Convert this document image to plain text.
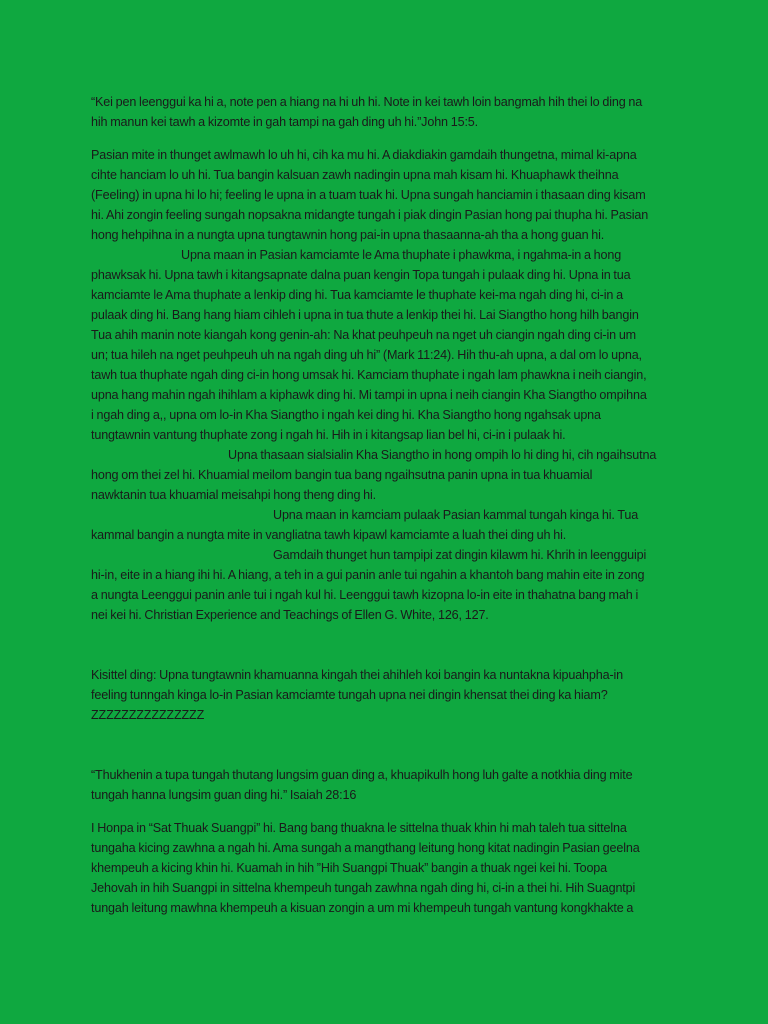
“Kei pen leenggui ka hi a, note pen a hiang na hi uh hi. Note in kei tawh loin bangmah hih thei lo ding na
hih manun kei tawh a kizomte in gah tampi na gah ding uh hi.”John 15:5.
Pasian mite in thunget awlmawh lo uh hi, cih ka mu hi. A diakdiakin gamdaih thungetna, mimal ki-apna
cihte hanciam lo uh hi. Tua bangin kalsuan zawh nadingin upna mah kisam hi. Khuaphawk theihna
(Feeling) in upna hi lo hi; feeling le upna in a tuam tuak hi. Upna sungah hanciamin i thasaan ding kisam
hi. Ahi zongin feeling sungah nopsakna midangte tungah i piak dingin Pasian hong pai thupha hi. Pasian
hong hehpihna in a nungta upna tungtawnin hong pai-in upna thasaanna-ah tha a hong guan hi.
Upna maan in Pasian kamciamte le Ama thuphate i phawkma, i ngahma-in a hong
phawksak hi. Upna tawh i kitangsapnate dalna puan kengin Topa tungah i pulaak ding hi. Upna in tua
kamciamte le Ama thuphate a lenkip ding hi. Tua kamciamte le thuphate kei-ma ngah ding hi, ci-in a
pulaak ding hi. Bang hang hiam cihleh i upna in tua thute a lenkip thei hi. Lai Siangtho hong hilh bangin
Tua ahih manin note kiangah kong genin-ah: Na khat peuhpeuh na nget uh ciangin ngah ding ci-in um
un; tua hileh na nget peuhpeuh uh na ngah ding uh hi” (Mark 11:24). Hih thu-ah upna, a dal om lo upna,
tawh tua thuphate ngah ding ci-in hong umsak hi. Kamciam thuphate i ngah lam phawkna i neih ciangin,
upna hang mahin ngah ihihlam a kiphawk ding hi. Mi tampi in upna i neih ciangin Kha Siangtho ompihna
i ngah ding a,, upna om lo-in Kha Siangtho i ngah kei ding hi. Kha Siangtho hong ngahsak upna
tungtawnin vantung thuphate zong i ngah hi. Hih in i kitangsap lian bel hi, ci-in i pulaak hi.
Upna thasaan sialsialin Kha Siangtho in hong ompih lo hi ding hi, cih ngaihsutna
hong om thei zel hi. Khuamial meilom bangin tua bang ngaihsutna panin upna in tua khuamial
nawktanin tua khuamial meisahpi hong theng ding hi.
Upna maan in kamciam pulaak Pasian kammal tungah kinga hi. Tua
kammal bangin a nungta mite in vangliatna tawh kipawl kamciamte a luah thei ding uh hi.
Gamdaih thunget hun tampipi zat dingin kilawm hi. Khrih in leengguipi
hi-in, eite in a hiang ihi hi. A hiang, a teh in a gui panin anle tui ngahin a khantoh bang mahin eite in zong
a nungta Leenggui panin anle tui i ngah kul hi. Leenggui tawh kizopna lo-in eite in thahatna bang mah i
nei kei hi. Christian Experience and Teachings of Ellen G. White, 126, 127.
Kisittel ding: Upna tungtawnin khamuanna kingah thei ahihleh koi bangin ka nuntakna kipuahpha-in
feeling tunngah kinga lo-in Pasian kamciamte tungah upna nei dingin khensat thei ding ka hiam?
ZZZZZZZZZZZZZZZ
“Thukhenin a tupa tungah thutang lungsim guan ding a, khuapikulh hong luh galte a notkhia ding mite
tungah hanna lungsim guan ding hi.” Isaiah 28:16
I Honpa in “Sat Thuak Suangpi” hi. Bang bang thuakna le sittelna thuak khin hi mah taleh tua sittelna
tungaha kicing zawhna a ngah hi. Ama sungah a mangthang leitung hong kitat nadingin Pasian geelna
khempeuh a kicing khin hi. Kuamah in hih ”Hih Suangpi Thuak” bangin a thuak ngei kei hi. Toopa
Jehovah in hih Suangpi in sittelna khempeuh tungah zawhna ngah ding hi, ci-in a thei hi. Hih Suagntpi
tungah leitung mawhna khempeuh a kisuan zongin a um mi khempeuh tungah vantung kongkhakte a
